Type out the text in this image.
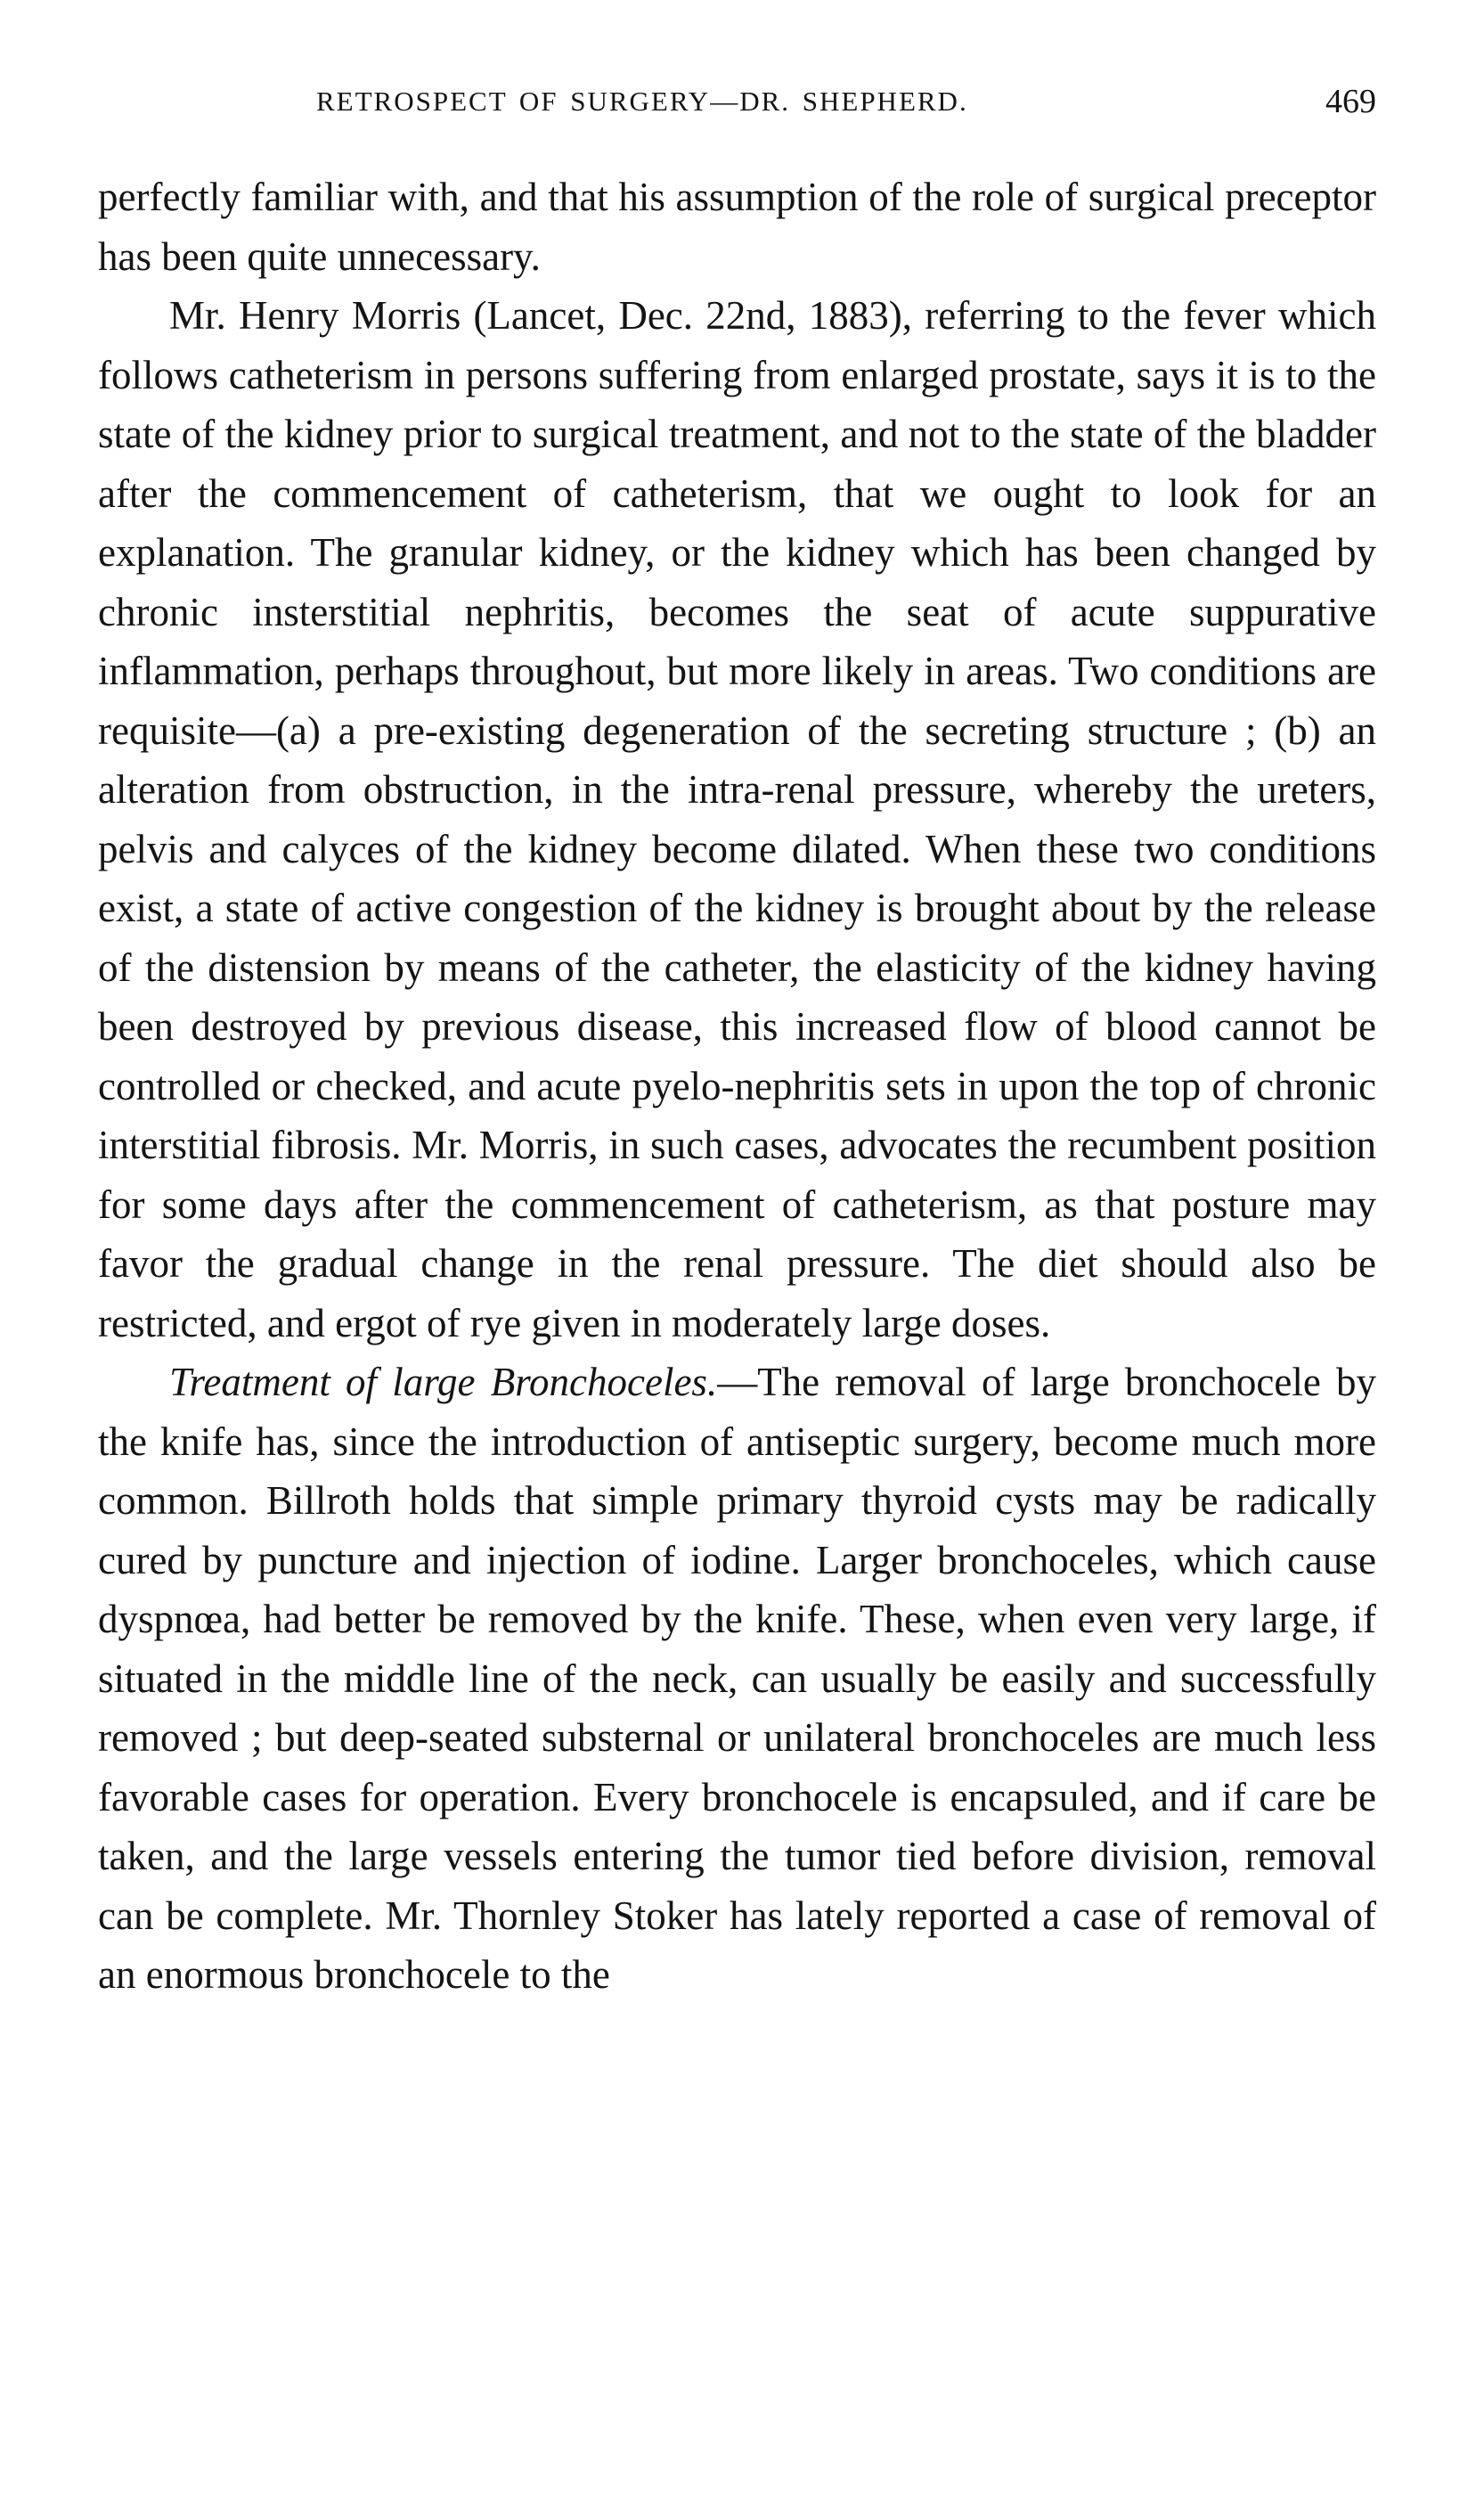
RETROSPECT OF SURGERY—DR. SHEPHERD.	469

perfectly familiar with, and that his assumption of the role of surgical preceptor has been quite unnecessary.

Mr. Henry Morris (Lancet, Dec. 22nd, 1883), referring to the fever which follows catheterism in persons suffering from enlarged prostate, says it is to the state of the kidney prior to surgical treatment, and not to the state of the bladder after the commencement of catheterism, that we ought to look for an explanation. The granular kidney, or the kidney which has been changed by chronic insterstitial nephritis, becomes the seat of acute suppurative inflammation, perhaps throughout, but more likely in areas. Two conditions are requisite—(a) a pre-existing degeneration of the secreting structure ; (b) an alteration from obstruction, in the intra-renal pressure, whereby the ureters, pelvis and calyces of the kidney become dilated. When these two conditions exist, a state of active congestion of the kidney is brought about by the release of the distension by means of the catheter, the elasticity of the kidney having been destroyed by previous disease, this increased flow of blood cannot be controlled or checked, and acute pyelo-nephritis sets in upon the top of chronic interstitial fibrosis. Mr. Morris, in such cases, advocates the recumbent position for some days after the commencement of catheterism, as that posture may favor the gradual change in the renal pressure. The diet should also be restricted, and ergot of rye given in moderately large doses.

Treatment of large Bronchoceles.—The removal of large bronchocele by the knife has, since the introduction of antiseptic surgery, become much more common. Billroth holds that simple primary thyroid cysts may be radically cured by puncture and injection of iodine. Larger bronchoceles, which cause dyspnœa, had better be removed by the knife. These, when even very large, if situated in the middle line of the neck, can usually be easily and successfully removed ; but deep-seated substernal or unilateral bronchoceles are much less favorable cases for operation. Every bronchocele is encapsuled, and if care be taken, and the large vessels entering the tumor tied before division, removal can be complete. Mr. Thornley Stoker has lately reported a case of removal of an enormous bronchocele to the
